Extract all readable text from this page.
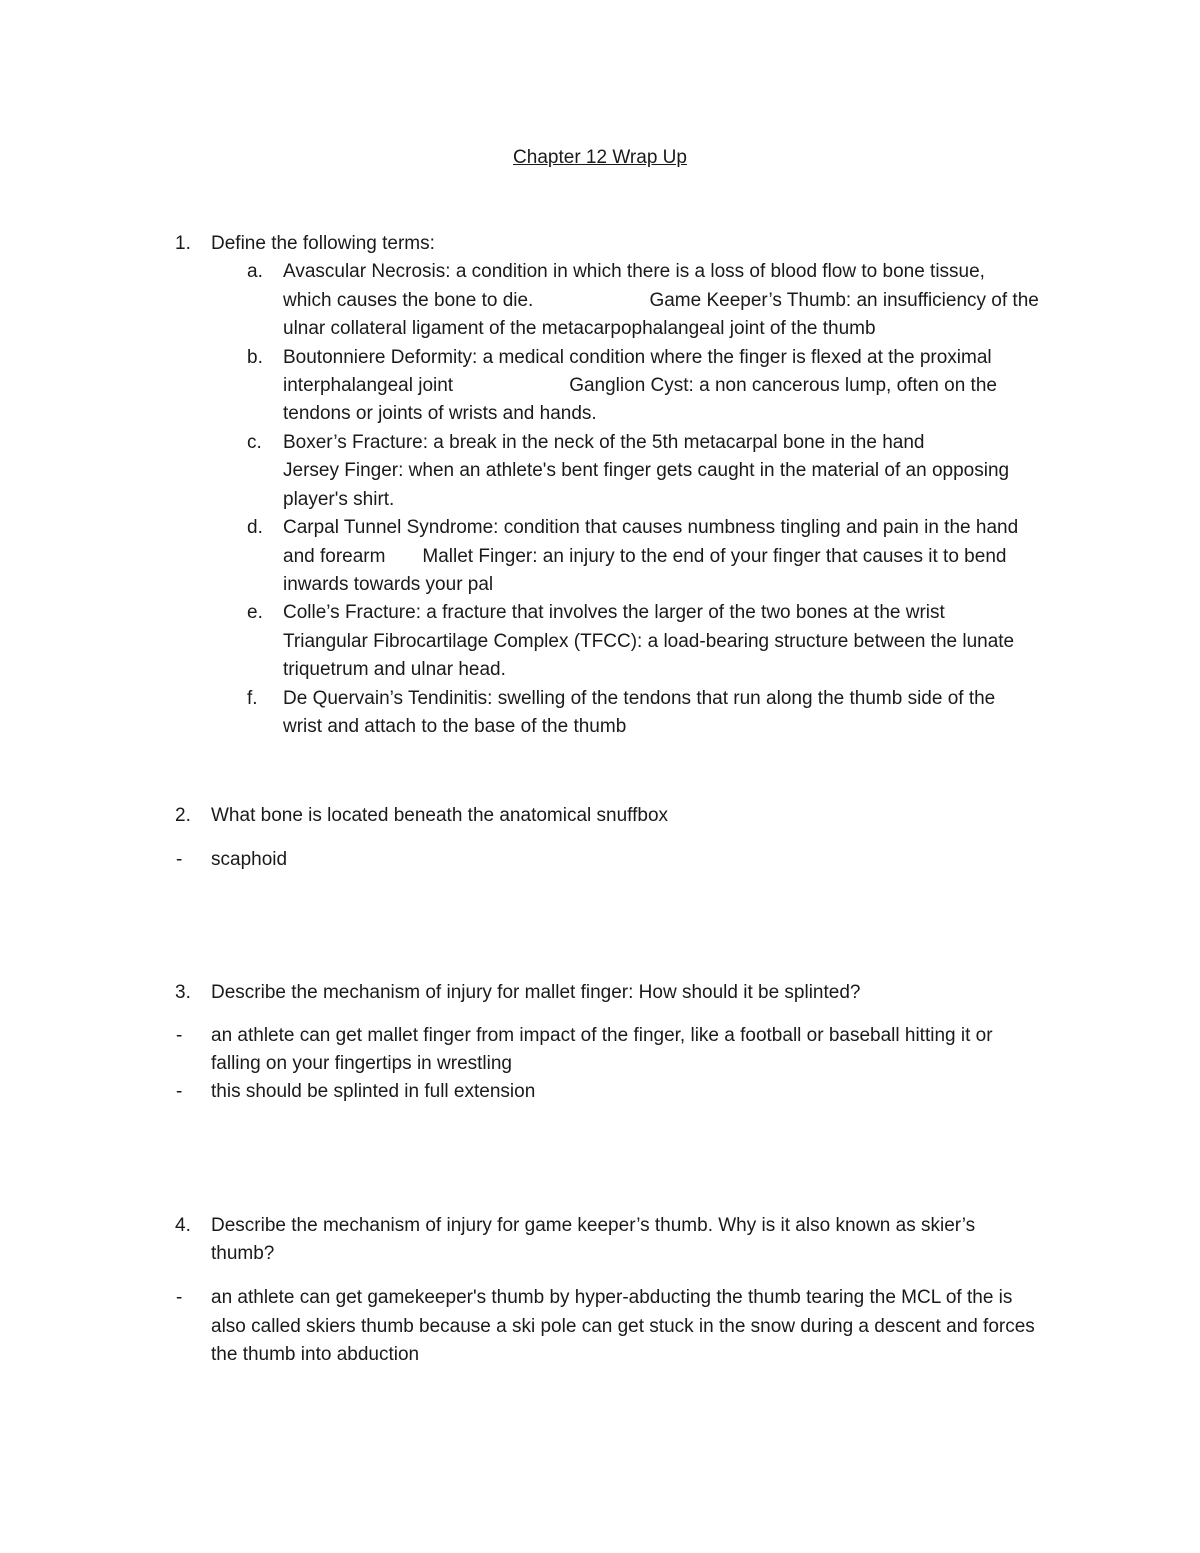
Chapter 12 Wrap Up
1. Define the following terms:
a. Avascular Necrosis: a condition in which there is a loss of blood flow to bone tissue,
which causes the bone to die.                      Game Keeper’s Thumb: an insufficiency of the
ulnar collateral ligament of the metacarpophalangeal joint of the thumb
b. Boutonniere Deformity: a medical condition where the finger is flexed at the proximal
interphalangeal joint                      Ganglion Cyst: a non cancerous lump, often on the
tendons or joints of wrists and hands.
c. Boxer’s Fracture: a break in the neck of the 5th metacarpal bone in the hand
Jersey Finger: when an athlete's bent finger gets caught in the material of an opposing
player's shirt.
d. Carpal Tunnel Syndrome: condition that causes numbness tingling and pain in the hand
and forearm       Mallet Finger: an injury to the end of your finger that causes it to bend
inwards towards your pal
e. Colle’s Fracture: a fracture that involves the larger of the two bones at the wrist
Triangular Fibrocartilage Complex (TFCC): a load-bearing structure between the lunate
triquetrum and ulnar head.
f. De Quervain’s Tendinitis: swelling of the tendons that run along the thumb side of the
wrist and attach to the base of the thumb
2. What bone is located beneath the anatomical snuffbox
- scaphoid
3. Describe the mechanism of injury for mallet finger: How should it be splinted?
- an athlete can get mallet finger from impact of the finger, like a football or baseball hitting it or
falling on your fingertips in wrestling
- this should be splinted in full extension
4. Describe the mechanism of injury for game keeper’s thumb. Why is it also known as skier’s
thumb?
- an athlete can get gamekeeper's thumb by hyper-abducting the thumb tearing the MCL of the is
also called skiers thumb because a ski pole can get stuck in the snow during a descent and forces
the thumb into abduction
